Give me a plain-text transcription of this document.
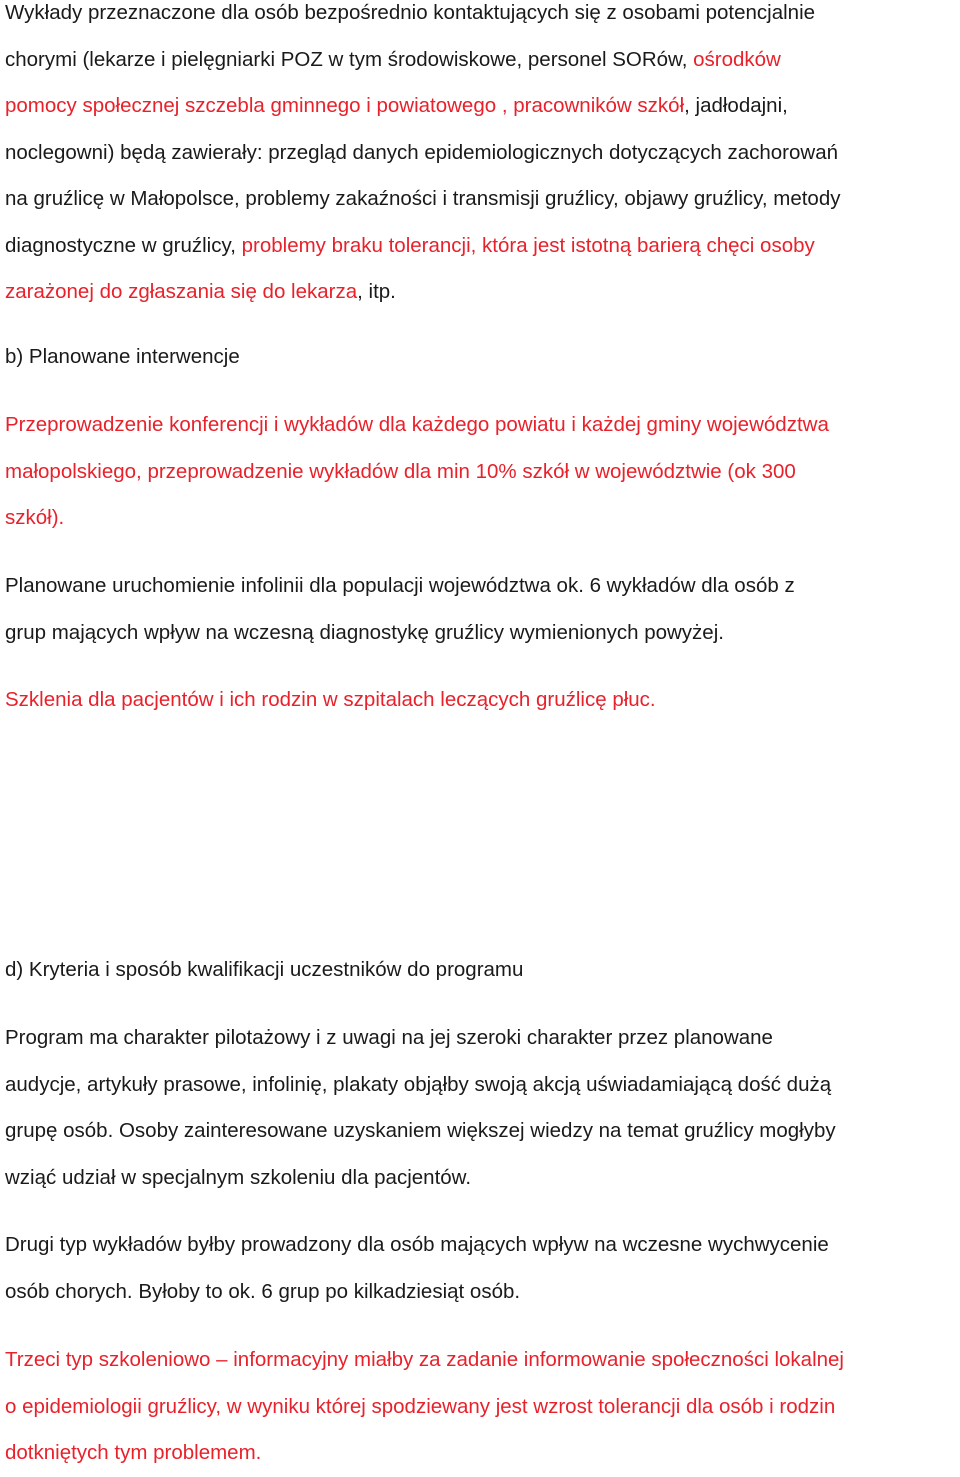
Wykłady przeznaczone dla osób bezpośrednio kontaktujących się z osobami potencjalnie
chorymi (lekarze i pielęgniarki POZ w tym środowiskowe, personel SORów, ośrodków
pomocy społecznej szczebla gminnego i powiatowego , pracowników szkół, jadłodajni,
noclegowni) będą zawierały: przegląd danych epidemiologicznych dotyczących zachorowań
na gruźlicę w Małopolsce, problemy zakaźności i transmisji gruźlicy, objawy gruźlicy, metody
diagnostyczne w gruźlicy, problemy braku tolerancji, która jest istotną barierą chęci osoby
zarażonej do zgłaszania się do lekarza, itp.
b) Planowane interwencje
Przeprowadzenie konferencji i wykładów dla każdego powiatu i każdej gminy województwa
małopolskiego, przeprowadzenie wykładów dla min 10% szkół w województwie (ok 300
szkół).
Planowane uruchomienie infolinii dla populacji województwa ok. 6 wykładów dla osób z
grup mających wpływ na wczesną diagnostykę gruźlicy wymienionych powyżej.
Szklenia dla pacjentów i ich rodzin w szpitalach leczących gruźlicę płuc.
d) Kryteria i sposób kwalifikacji uczestników do programu
Program ma charakter pilotażowy i z uwagi na jej szeroki charakter przez planowane
audycje, artykuły prasowe, infolinię, plakaty objąłby swoją akcją uświadamiającą dość dużą
grupę osób. Osoby zainteresowane uzyskaniem większej wiedzy na temat gruźlicy mogłyby
wziąć udział w specjalnym szkoleniu dla pacjentów.
Drugi typ wykładów byłby prowadzony dla osób mających wpływ na wczesne wychwycenie
osób chorych. Byłoby to ok. 6 grup po kilkadziesiąt osób.
Trzeci typ szkoleniowo – informacyjny miałby za zadanie informowanie społeczności lokalnej
o epidemiologii gruźlicy, w wyniku której spodziewany jest wzrost tolerancji dla osób i rodzin
dotkniętych tym problemem.
